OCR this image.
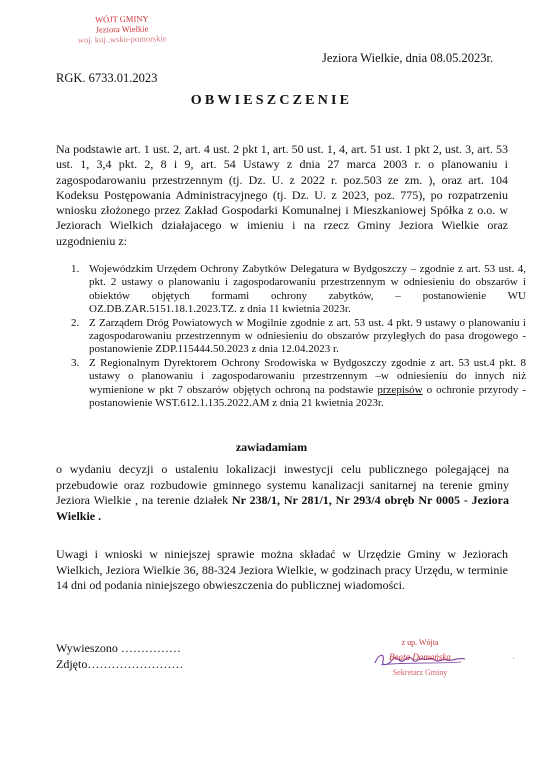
WÓJT GMINY
Jeziora Wielkie
woj. kuj..wsko-pomorskie
Jeziora Wielkie, dnia 08.05.2023r.
RGK. 6733.01.2023
OBWIESZCZENIE

Na podstawie art. 1 ust. 2, art. 4 ust. 2 pkt 1, art. 50 ust. 1, 4, art. 51 ust. 1 pkt 2, ust. 3, art. 53 ust. 1, 3,4 pkt. 2, 8 i 9, art. 54 Ustawy z dnia 27 marca 2003 r. o planowaniu i zagospodarowaniu przestrzennym (tj. Dz. U. z 2022 r. poz.503 ze zm. ), oraz art. 104 Kodeksu Postępowania Administracyjnego (tj. Dz. U. z 2023, poz. 775), po rozpatrzeniu wniosku złożonego przez Zakład Gospodarki Komunalnej i Mieszkaniowej Spółka z o.o. w Jeziorach Wielkich działajacego w imieniu i na rzecz Gminy Jeziora Wielkie oraz uzgodnieniu z:

1. Wojewódzkim Urzędem Ochrony Zabytków Delegatura w Bydgoszczy – zgodnie z art. 53 ust. 4, pkt. 2 ustawy o planowaniu i zagospodarowaniu przestrzennym w odniesieniu do obszarów i obiektów objętych formami ochrony zabytków, – postanowienie WU OZ.DB.ZAR.5151.18.1.2023.TZ. z dnia 11 kwietnia 2023r.
2. Z Zarządem Dróg Powiatowych w Mogilnie zgodnie z art. 53 ust. 4 pkt. 9 ustawy o planowaniu i zagospodarowaniu przestrzennym w odniesieniu do obszarów przyległych do pasa drogowego - postanowienie ZDP.115444.50.2023 z dnia 12.04.2023 r.
3. Z Regionalnym Dyrektorem Ochrony Srodowiska w Bydgoszczy zgodnie z art. 53 ust.4 pkt. 8 ustawy o planowaniu i zagospodarowaniu przestrzennym –w odniesieniu do innych niż wymienione w pkt 7 obszarów objętych ochroną na podstawie przepisów o ochronie przyrody - postanowienie WST.612.1.135.2022.AM z dnia 21 kwietnia 2023r.
zawiadamiam

o wydaniu decyzji o ustaleniu lokalizacji inwestycji celu publicznego polegającej na przebudowie oraz rozbudowie gminnego systemu kanalizacji sanitarnej na terenie gminy Jeziora Wielkie , na terenie działek Nr 238/1, Nr 281/1, Nr 293/4 obręb Nr 0005 - Jeziora Wielkie .

Uwagi i wnioski w niniejszej sprawie można składać w Urzędzie Gminy w Jeziorach Wielkich, Jeziora Wielkie 36, 88-324 Jeziora Wielkie, w godzinach pracy Urzędu, w terminie 14 dni od podania niniejszego obwieszczenia do publicznej wiadomości.

Wywieszono ……………
Zdjęto……………………
z up. Wójta
Beata Domańska
Sekretarz Gminy
·
